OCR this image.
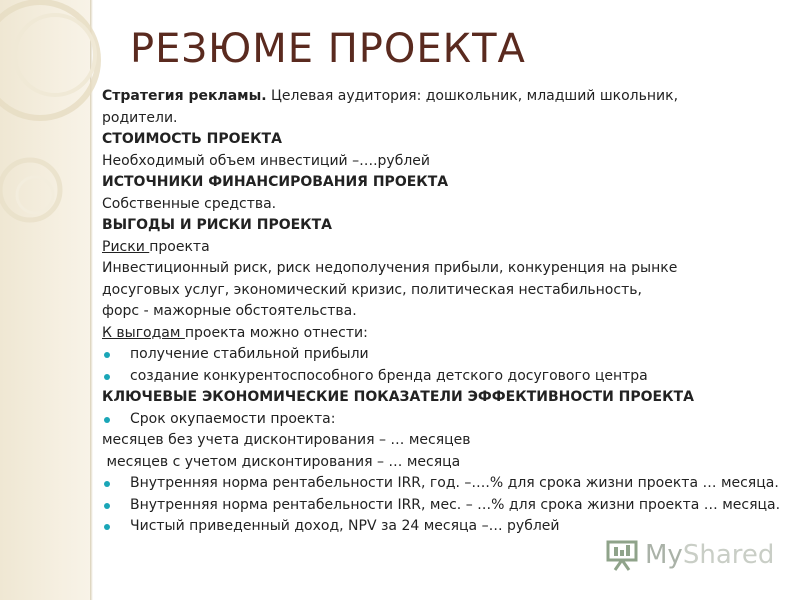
РЕЗЮМЕ ПРОЕКТА
Стратегия рекламы. Целевая аудитория: дошкольник, младший школьник,
родители.
СТОИМОСТЬ ПРОЕКТА
Необходимый объем инвестиций –….рублей
ИСТОЧНИКИ ФИНАНСИРОВАНИЯ ПРОЕКТА
Собственные средства.
ВЫГОДЫ И РИСКИ ПРОЕКТА
Риски проекта
Инвестиционный риск, риск недополучения прибыли, конкуренция на рынке
досуговых услуг, экономический кризис, политическая нестабильность,
форс - мажорные обстоятельства.
К выгодам проекта можно отнести:
получение стабильной прибыли
создание конкурентоспособного бренда детского досугового центра
КЛЮЧЕВЫЕ ЭКОНОМИЧЕСКИЕ ПОКАЗАТЕЛИ ЭФФЕКТИВНОСТИ ПРОЕКТА
Срок окупаемости проекта:
месяцев без учета дисконтирования – … месяцев
месяцев с учетом дисконтирования – … месяца
Внутренняя норма рентабельности IRR, год. –….% для срока жизни проекта … месяца.
Внутренняя норма рентабельности IRR, мес. – …% для срока жизни проекта … месяца.
Чистый приведенный доход, NPV за 24 месяца –… рублей
MyShared
